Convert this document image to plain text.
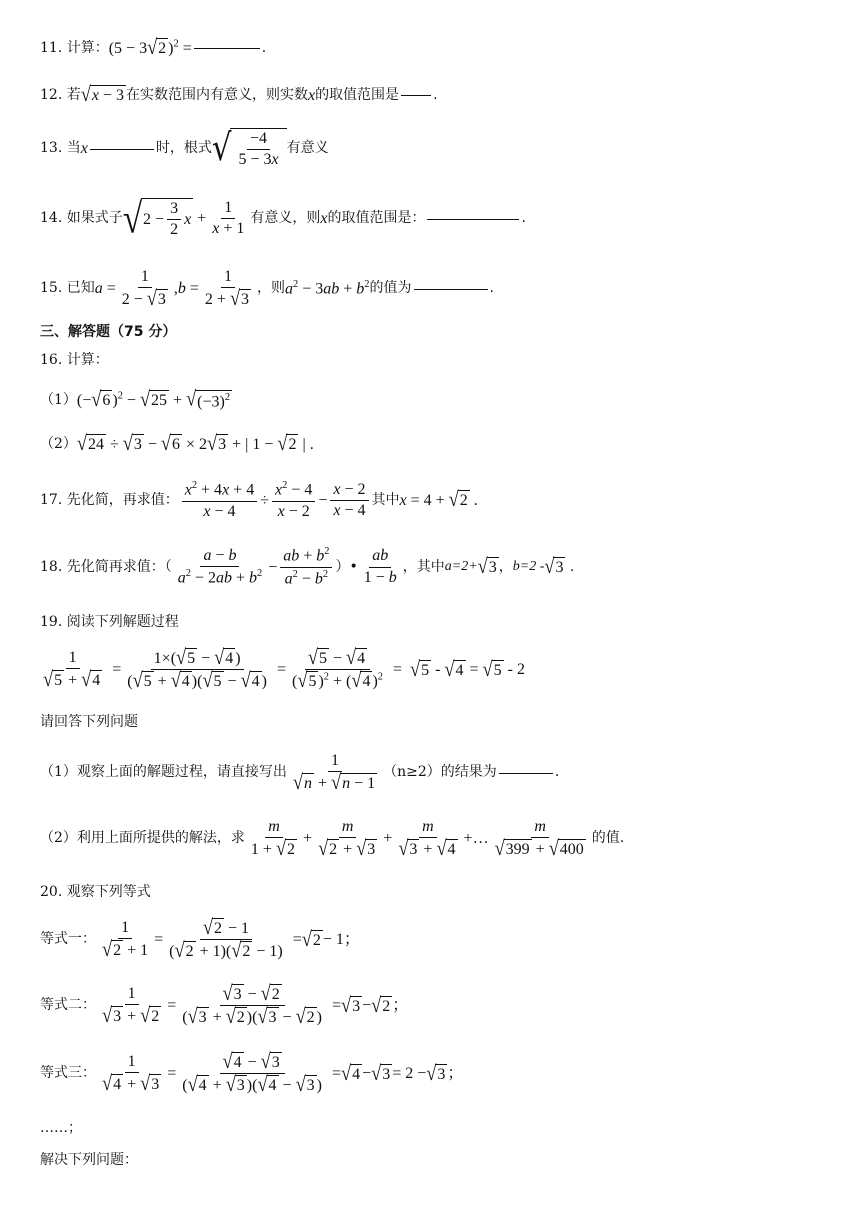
11.
计算： (5 − 3 √ 2 )$^2$ =	.
12.
若 √ x − 3 在实数范围内有意义，则实数 x 的取值范围是 .
13.
当 x	时，根式 √ $\frac{-4}{5 - 3x}$ 有意义
14.
如果式子 √ $2 - \frac{3}{2}$ $x + \frac{1}{x + 1}$ 有意义，则 x 的取值范围是：	.
15.
已知 $a = \frac{1}{2 - √ 3}$ , $b = \frac{1}{2 + √ 3}$ ，则 $a^2 - 3ab + b^2$ 的值为	.
三、解答题（75 分）
16.
计算：
（1） (− √ 6 )$^2$ − √ 25 + √ $(-3)^2$
（2） √ 24 ÷ √ 3 − √ 6 × 2 √ 3 + | 1 − √ 2 | .
17.
先化简，再求值： $\frac{x^2 + 4x + 4}{x - 4} \div \frac{x^2 - 4}{x - 2} - \frac{x - 2}{x - 4}$ 其中 x = 4 + √ 2 .
18.
先化简再求值：（ $\frac{a - b}{a^2 - 2ab + b^2} - \frac{ab + b^2}{a^2 - b^2}$ ）• $\frac{ab}{1 - b}$ ，其中 a=2+ √ 3 ， b=2 - √ 3 .
19.
阅读下列解题过程
$\frac{1}{√ 5 + √ 4} = \frac{1\times( √ 5 - √ 4 )}{( √ 5 + √ 4 )( √ 5 - √ 4 )} = \frac{√ 5 - √ 4}{( √ 5 )^2 + ( √ 4 )^2}$ = √ 5 - √ 4 = √ 5 - 2
请回答下列问题
（1）观察上面的解题过程，请直接写出 $\frac{1}{√ n + √ n - 1} (n\ge 2)$的结果为	.
（2）利用上面所提供的解法，求 $\frac{m}{1 + √ 2} + \frac{m}{√ 2 + √ 3} + \frac{m}{√ 3 + √ 4}$ +… $\frac{m}{√ 399 + √ 400}$ 的值.
20.
观察下列等式
等式一： $\frac{1}{√ 2 + 1} = \frac{√ 2 - 1}{( √ 2 + 1)( √ 2 - 1)}$ = √ 2 − 1；
等式二： $\frac{1}{√ 3 + √ 2} = \frac{√ 3 - √ 2}{( √ 3 + √ 2 )( √ 3 - √ 2 )}$ = √ 3 − √ 2 ；
等式三： $\frac{1}{√ 4 + √ 3} = \frac{√ 4 - √ 3}{( √ 4 + √ 3 )( √ 4 - √ 3 )}$ = √ 4 − √ 3 = 2 − √ 3 ；
……；
解决下列问题：
